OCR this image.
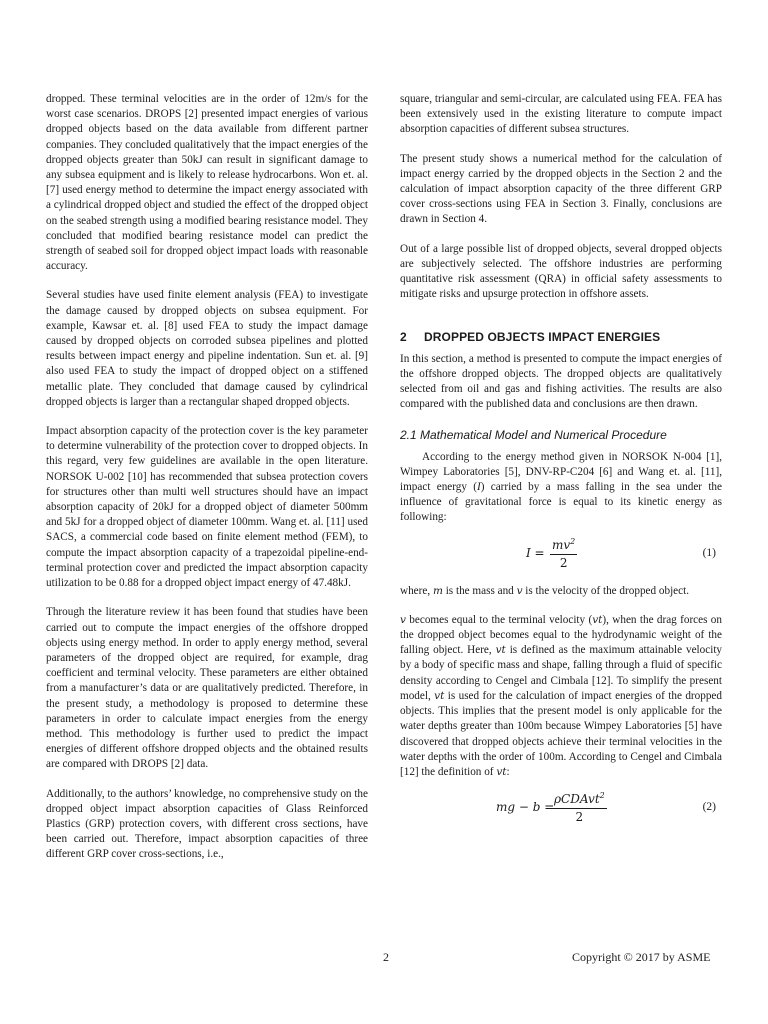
dropped. These terminal velocities are in the order of 12m/s for the worst case scenarios. DROPS [2] presented impact energies of various dropped objects based on the data available from different partner companies. They concluded qualitatively that the impact energies of the dropped objects greater than 50kJ can result in significant damage to any subsea equipment and is likely to release hydrocarbons. Won et. al. [7] used energy method to determine the impact energy associated with a cylindrical dropped object and studied the effect of the dropped object on the seabed strength using a modified bearing resistance model. They concluded that modified bearing resistance model can predict the strength of seabed soil for dropped object impact loads with reasonable accuracy.

Several studies have used finite element analysis (FEA) to investigate the damage caused by dropped objects on subsea equipment. For example, Kawsar et. al. [8] used FEA to study the impact damage caused by dropped objects on corroded subsea pipelines and plotted results between impact energy and pipeline indentation. Sun et. al. [9] also used FEA to study the impact of dropped object on a stiffened metallic plate. They concluded that damage caused by cylindrical dropped objects is larger than a rectangular shaped dropped objects.

Impact absorption capacity of the protection cover is the key parameter to determine vulnerability of the protection cover to dropped objects. In this regard, very few guidelines are available in the open literature. NORSOK U-002 [10] has recommended that subsea protection covers for structures other than multi well structures should have an impact absorption capacity of 20kJ for a dropped object of diameter 500mm and 5kJ for a dropped object of diameter 100mm. Wang et. al. [11] used SACS, a commercial code based on finite element method (FEM), to compute the impact absorption capacity of a trapezoidal pipeline-end-terminal protection cover and predicted the impact absorption capacity utilization to be 0.88 for a dropped object impact energy of 47.48kJ.

Through the literature review it has been found that studies have been carried out to compute the impact energies of the offshore dropped objects using energy method. In order to apply energy method, several parameters of the dropped object are required, for example, drag coefficient and terminal velocity. These parameters are either obtained from a manufacturer’s data or are qualitatively predicted. Therefore, in the present study, a methodology is proposed to determine these parameters in order to calculate impact energies from the energy method. This methodology is further used to predict the impact energies of different offshore dropped objects and the obtained results are compared with DROPS [2] data.

Additionally, to the authors’ knowledge, no comprehensive study on the dropped object impact absorption capacities of Glass Reinforced Plastics (GRP) protection covers, with different cross sections, have been carried out. Therefore, impact absorption capacities of three different GRP cover cross-sections, i.e.,

square, triangular and semi-circular, are calculated using FEA. FEA has been extensively used in the existing literature to compute impact absorption capacities of different subsea structures.

The present study shows a numerical method for the calculation of impact energy carried by the dropped objects in the Section 2 and the calculation of impact absorption capacity of the three different GRP cover cross-sections using FEA in Section 3. Finally, conclusions are drawn in Section 4.

Out of a large possible list of dropped objects, several dropped objects are subjectively selected. The offshore industries are performing quantitative risk assessment (QRA) in official safety assessments to mitigate risks and upsurge protection in offshore assets.

2 DROPPED OBJECTS IMPACT ENERGIES

In this section, a method is presented to compute the impact energies of the offshore dropped objects. The dropped objects are qualitatively selected from oil and gas and fishing activities. The results are also compared with the published data and conclusions are then drawn.

2.1 Mathematical Model and Numerical Procedure

According to the energy method given in NORSOK N-004 [1], Wimpey Laboratories [5], DNV-RP-C204 [6] and Wang et. al. [11], impact energy (I) carried by a mass falling in the sea under the influence of gravitational force is equal to its kinetic energy as following:

$I = \frac{mv^2}{2}$	(1)

where, m is the mass and v is the velocity of the dropped object.

v becomes equal to the terminal velocity (vt), when the drag forces on the dropped object becomes equal to the hydrodynamic weight of the falling object. Here, vt is defined as the maximum attainable velocity by a body of specific mass and shape, falling through a fluid of specific density according to Cengel and Cimbala [12]. To simplify the present model, vt is used for the calculation of impact energies of the dropped objects. This implies that the present model is only applicable for the water depths greater than 100m because Wimpey Laboratories [5] have discovered that dropped objects achieve their terminal velocities in the water depths with the order of 100m. According to Cengel and Cimbala [12] the definition of vt:

mg − b =
ρCDAvt$^2$
2
(2)
2	Copyright © 2017 by ASME
